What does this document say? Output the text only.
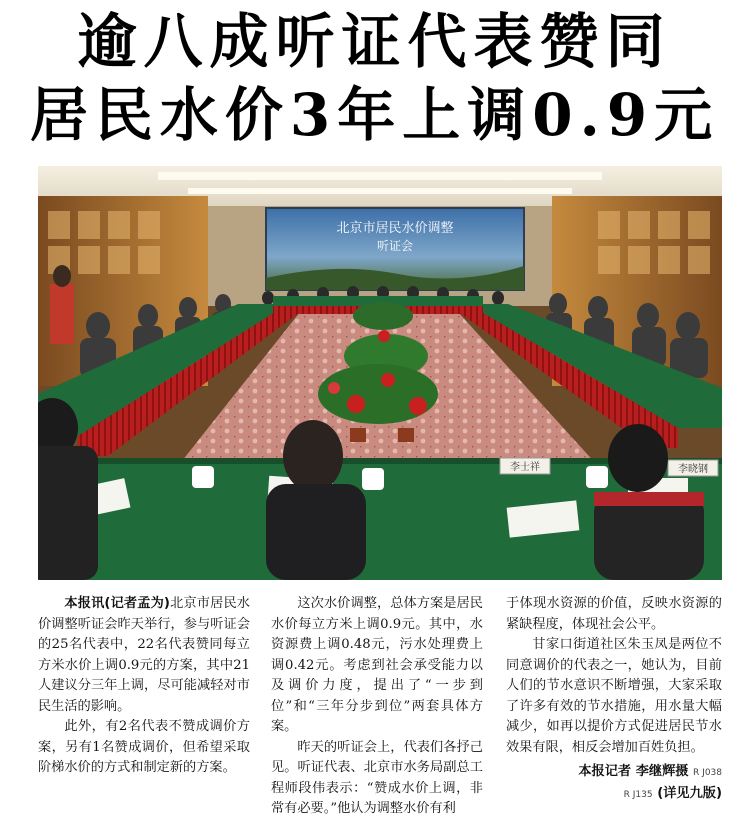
逾八成听证代表赞同
居民水价3年上调0.9元
北京市居民水价调整
听证会
李士祥	李晓钢

本报讯(记者孟为)北京市居民水价调整听证会昨天举行，参与听证会的25名代表中，22名代表赞同每立方米水价上调0.9元的方案，其中21人建议分三年上调，尽可能减轻对市民生活的影响。

此外，有2名代表不赞成调价方案，另有1名赞成调价，但希望采取阶梯水价的方式和制定新的方案。

这次水价调整，总体方案是居民水价每立方米上调0.9元。其中，水资源费上调0.48元，污水处理费上调0.42元。考虑到社会承受能力以及调价力度，提出了“一步到位”和“三年分步到位”两套具体方案。

昨天的听证会上，代表们各抒己见。听证代表、北京市水务局副总工程师段伟表示：“赞成水价上调，非常有必要。”他认为调整水价有利

于体现水资源的价值，反映水资源的紧缺程度，体现社会公平。

甘家口街道社区朱玉凤是两位不同意调价的代表之一，她认为，目前人们的节水意识不断增强，大家采取了许多有效的节水措施，用水量大幅减少，如再以提价方式促进居民节水效果有限，相反会增加百姓负担。

本报记者 李继辉摄 R J038
R J135 (详见九版)
